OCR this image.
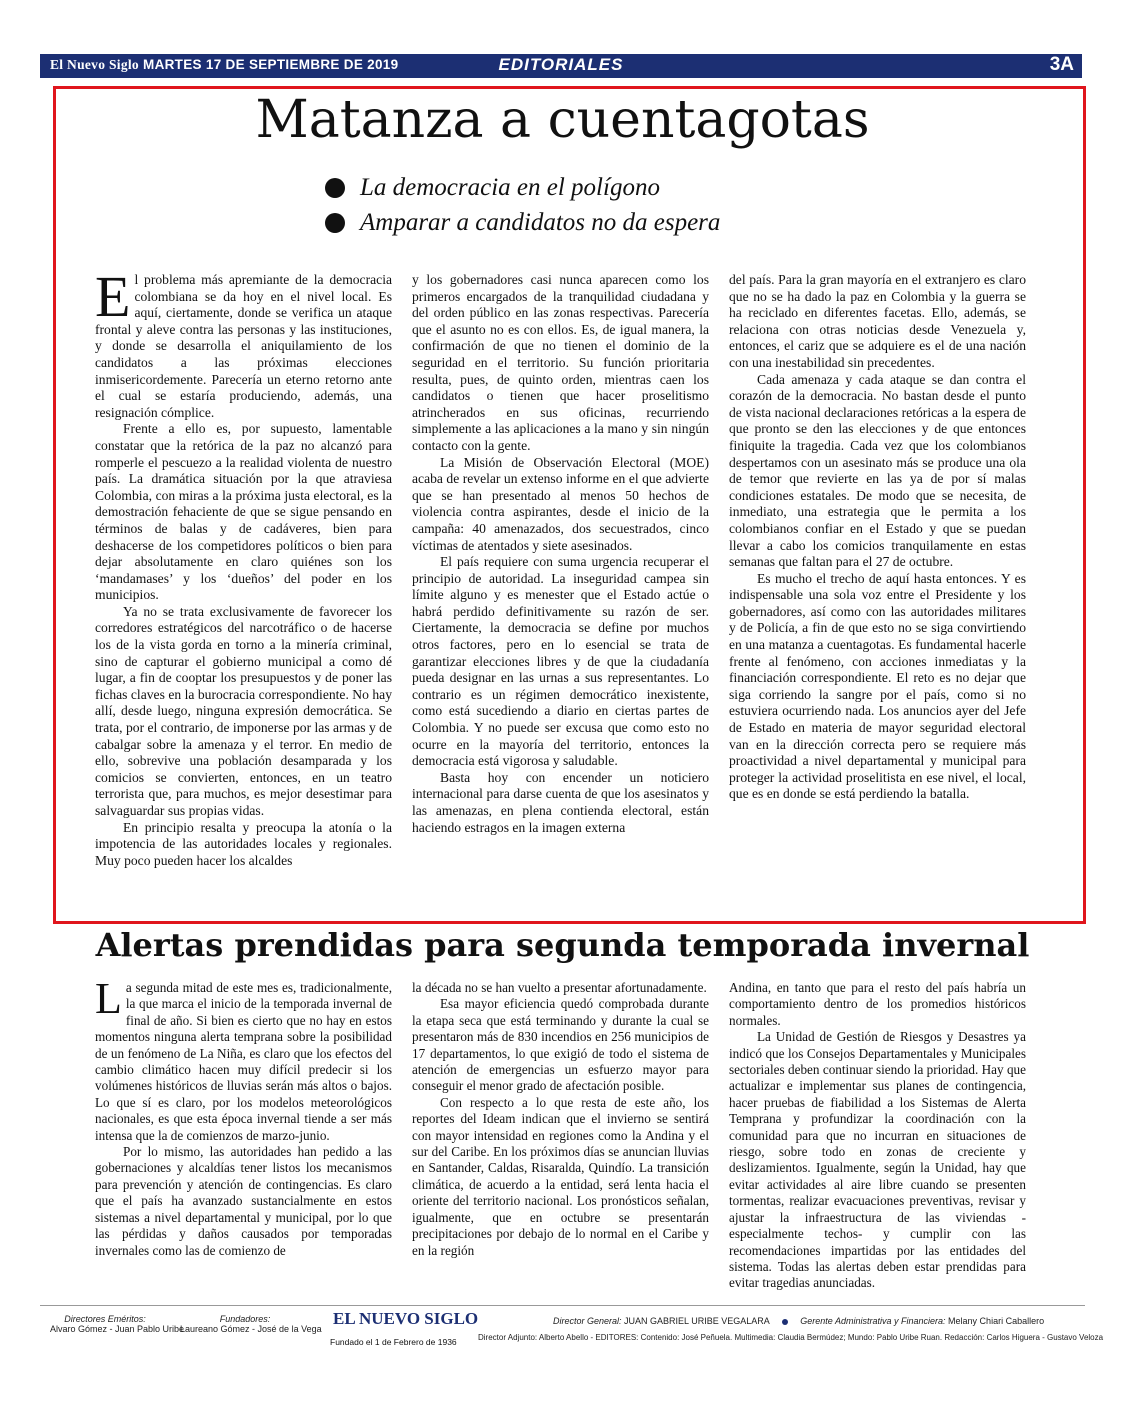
El Nuevo Siglo MARTES 17 DE SEPTIEMBRE DE 2019	EDITORIALES	3A
Matanza a cuentagotas
La democracia en el polígono
Amparar a candidatos no da espera

El problema más apremiante de la democracia colombiana se da hoy en el nivel local. Es aquí, ciertamente, donde se verifica un ataque frontal y aleve contra las personas y las instituciones, y donde se desarrolla el aniquilamiento de los candidatos a las próximas elecciones inmisericordemente. Parecería un eterno retorno ante el cual se estaría produciendo, además, una resignación cómplice.

Frente a ello es, por supuesto, lamentable constatar que la retórica de la paz no alcanzó para romperle el pescuezo a la realidad violenta de nuestro país. La dramática situación por la que atraviesa Colombia, con miras a la próxima justa electoral, es la demostración fehaciente de que se sigue pensando en términos de balas y de cadáveres, bien para deshacerse de los competidores políticos o bien para dejar absolutamente en claro quiénes son los ‘mandamases’ y los ‘dueños’ del poder en los municipios.

Ya no se trata exclusivamente de favorecer los corredores estratégicos del narcotráfico o de hacerse los de la vista gorda en torno a la minería criminal, sino de capturar el gobierno municipal a como dé lugar, a fin de cooptar los presupuestos y de poner las fichas claves en la burocracia correspondiente. No hay allí, desde luego, ninguna expresión democrática. Se trata, por el contrario, de imponerse por las armas y de cabalgar sobre la amenaza y el terror. En medio de ello, sobrevive una población desamparada y los comicios se convierten, entonces, en un teatro terrorista que, para muchos, es mejor desestimar para salvaguardar sus propias vidas.

En principio resalta y preocupa la atonía o la impotencia de las autoridades locales y regionales. Muy poco pueden hacer los alcaldes

y los gobernadores casi nunca aparecen como los primeros encargados de la tranquilidad ciudadana y del orden público en las zonas respectivas. Parecería que el asunto no es con ellos. Es, de igual manera, la confirmación de que no tienen el dominio de la seguridad en el territorio. Su función prioritaria resulta, pues, de quinto orden, mientras caen los candidatos o tienen que hacer proselitismo atrincherados en sus oficinas, recurriendo simplemente a las aplicaciones a la mano y sin ningún contacto con la gente.

La Misión de Observación Electoral (MOE) acaba de revelar un extenso informe en el que advierte que se han presentado al menos 50 hechos de violencia contra aspirantes, desde el inicio de la campaña: 40 amenazados, dos secuestrados, cinco víctimas de atentados y siete asesinados.

El país requiere con suma urgencia recuperar el principio de autoridad. La inseguridad campea sin límite alguno y es menester que el Estado actúe o habrá perdido definitivamente su razón de ser. Ciertamente, la democracia se define por muchos otros factores, pero en lo esencial se trata de garantizar elecciones libres y de que la ciudadanía pueda designar en las urnas a sus representantes. Lo contrario es un régimen democrático inexistente, como está sucediendo a diario en ciertas partes de Colombia. Y no puede ser excusa que como esto no ocurre en la mayoría del territorio, entonces la democracia está vigorosa y saludable.

Basta hoy con encender un noticiero internacional para darse cuenta de que los asesinatos y las amenazas, en plena contienda electoral, están haciendo estragos en la imagen externa

del país. Para la gran mayoría en el extranjero es claro que no se ha dado la paz en Colombia y la guerra se ha reciclado en diferentes facetas. Ello, además, se relaciona con otras noticias desde Venezuela y, entonces, el cariz que se adquiere es el de una nación con una inestabilidad sin precedentes.

Cada amenaza y cada ataque se dan contra el corazón de la democracia. No bastan desde el punto de vista nacional declaraciones retóricas a la espera de que pronto se den las elecciones y de que entonces finiquite la tragedia. Cada vez que los colombianos despertamos con un asesinato más se produce una ola de temor que revierte en las ya de por sí malas condiciones estatales. De modo que se necesita, de inmediato, una estrategia que le permita a los colombianos confiar en el Estado y que se puedan llevar a cabo los comicios tranquilamente en estas semanas que faltan para el 27 de octubre.

Es mucho el trecho de aquí hasta entonces. Y es indispensable una sola voz entre el Presidente y los gobernadores, así como con las autoridades militares y de Policía, a fin de que esto no se siga convirtiendo en una matanza a cuentagotas. Es fundamental hacerle frente al fenómeno, con acciones inmediatas y la financiación correspondiente. El reto es no dejar que siga corriendo la sangre por el país, como si no estuviera ocurriendo nada. Los anuncios ayer del Jefe de Estado en materia de mayor seguridad electoral van en la dirección correcta pero se requiere más proactividad a nivel departamental y municipal para proteger la actividad proselitista en ese nivel, el local, que es en donde se está perdiendo la batalla.

Alertas prendidas para segunda temporada invernal

La segunda mitad de este mes es, tradicionalmente, la que marca el inicio de la temporada invernal de final de año. Si bien es cierto que no hay en estos momentos ninguna alerta temprana sobre la posibilidad de un fenómeno de La Niña, es claro que los efectos del cambio climático hacen muy difícil predecir si los volúmenes históricos de lluvias serán más altos o bajos. Lo que sí es claro, por los modelos meteorológicos nacionales, es que esta época invernal tiende a ser más intensa que la de comienzos de marzo-junio.

Por lo mismo, las autoridades han pedido a las gobernaciones y alcaldías tener listos los mecanismos para prevención y atención de contingencias. Es claro que el país ha avanzado sustancialmente en estos sistemas a nivel departamental y municipal, por lo que las pérdidas y daños causados por temporadas invernales como las de comienzo de

la década no se han vuelto a presentar afortunadamente.

Esa mayor eficiencia quedó comprobada durante la etapa seca que está terminando y durante la cual se presentaron más de 830 incendios en 256 municipios de 17 departamentos, lo que exigió de todo el sistema de atención de emergencias un esfuerzo mayor para conseguir el menor grado de afectación posible.

Con respecto a lo que resta de este año, los reportes del Ideam indican que el invierno se sentirá con mayor intensidad en regiones como la Andina y el sur del Caribe. En los próximos días se anuncian lluvias en Santander, Caldas, Risaralda, Quindío. La transición climática, de acuerdo a la entidad, será lenta hacia el oriente del territorio nacional. Los pronósticos señalan, igualmente, que en octubre se presentarán precipitaciones por debajo de lo normal en el Caribe y en la región

Andina, en tanto que para el resto del país habría un comportamiento dentro de los promedios históricos normales.

La Unidad de Gestión de Riesgos y Desastres ya indicó que los Consejos Departamentales y Municipales sectoriales deben continuar siendo la prioridad. Hay que actualizar e implementar sus planes de contingencia, hacer pruebas de fiabilidad a los Sistemas de Alerta Temprana y profundizar la coordinación con la comunidad para que no incurran en situaciones de riesgo, sobre todo en zonas de creciente y deslizamientos. Igualmente, según la Unidad, hay que evitar actividades al aire libre cuando se presenten tormentas, realizar evacuaciones preventivas, revisar y ajustar la infraestructura de las viviendas -especialmente techos- y cumplir con las recomendaciones impartidas por las entidades del sistema. Todas las alertas deben estar prendidas para evitar tragedias anunciadas.

Directores Eméritos:
Alvaro Gómez - Juan Pablo Uribe
Fundadores:
Laureano Gómez - José de la Vega
EL NUEVO SIGLO
Fundado el 1 de Febrero de 1936
Director General: JUAN GABRIEL URIBE VEGALARA	Gerente Administrativa y Financiera: Melany Chiari Caballero
Director Adjunto: Alberto Abello - EDITORES: Contenido: José Peñuela. Multimedia: Claudia Bermúdez; Mundo: Pablo Uribe Ruan. Redacción: Carlos Higuera - Gustavo Veloza
